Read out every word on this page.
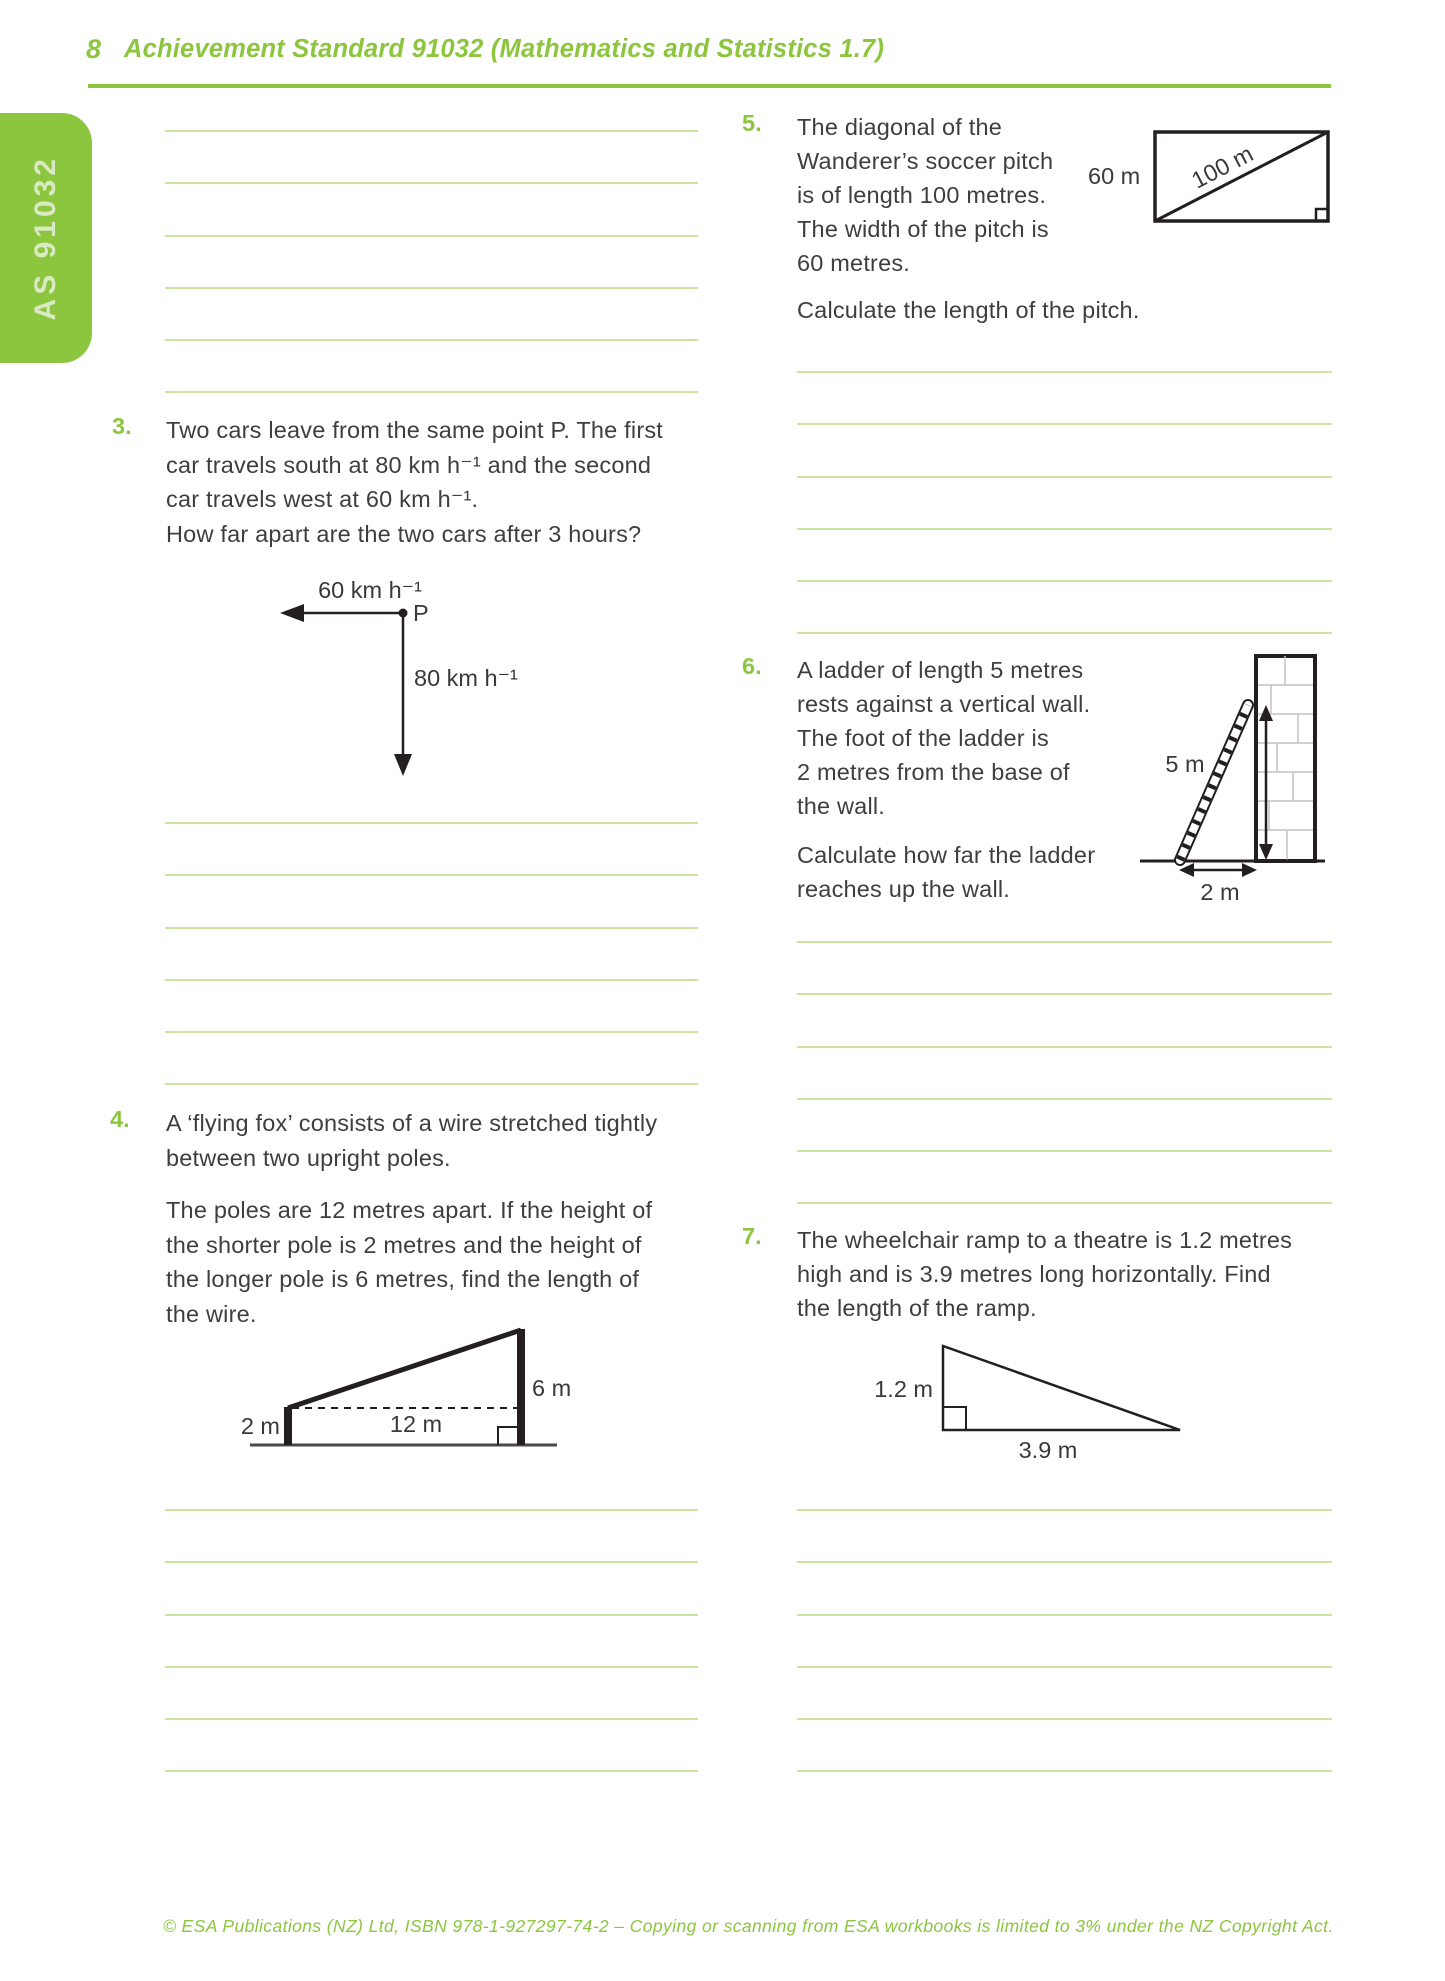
8 Achievement Standard 91032 (Mathematics and Statistics 1.7)
AS 91032
3. Two cars leave from the same point P. The first
car travels south at 80 km h⁻¹ and the second
car travels west at 60 km h⁻¹.
How far apart are the two cars after 3 hours?
60 km h⁻¹
P
80 km h⁻¹
4. A ‘flying fox’ consists of a wire stretched tightly
between two upright poles.
The poles are 12 metres apart. If the height of
the shorter pole is 2 metres and the height of
the longer pole is 6 metres, find the length of
the wire.
2 m	12 m
6 m
5. The diagonal of the
Wanderer’s soccer pitch
is of length 100 metres.
The width of the pitch is
60 metres.
Calculate the length of the pitch.
100 m
60 m
6. A ladder of length 5 metres
rests against a vertical wall.
The foot of the ladder is
2 metres from the base of
the wall.
Calculate how far the ladder
reaches up the wall.
5 m
2 m
7. The wheelchair ramp to a theatre is 1.2 metres
high and is 3.9 metres long horizontally. Find
the length of the ramp.
1.2 m
3.9 m
© ESA Publications (NZ) Ltd, ISBN 978-1-927297-74-2 – Copying or scanning from ESA workbooks is limited to 3% under the NZ Copyright Act.
